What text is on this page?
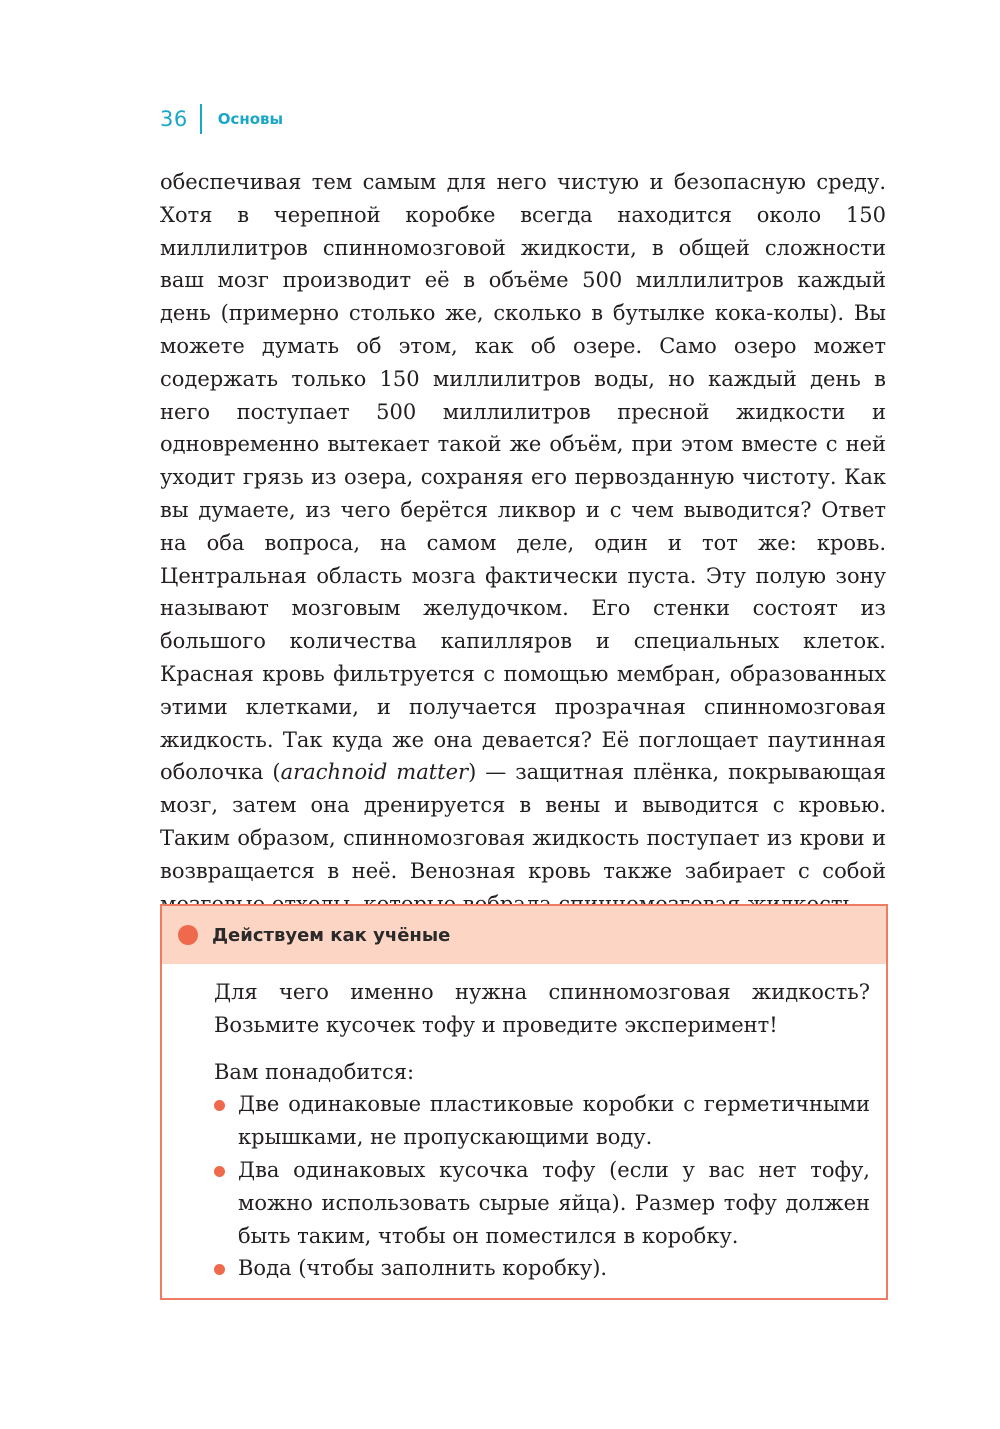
36 Основы

обеспечивая тем самым для него чистую и безопасную среду. Хотя в черепной коробке всегда находится около 150 миллилитров спинномозговой жидкости, в общей сложности ваш мозг производит её в объёме 500 миллилитров каждый день (примерно столько же, сколько в бутылке кока-колы). Вы можете думать об этом, как об озере. Само озеро может содержать только 150 миллилитров воды, но каждый день в него поступает 500 миллилитров пресной жидкости и одновременно вытекает такой же объём, при этом вместе с ней уходит грязь из озера, сохраняя его первозданную чистоту. Как вы думаете, из чего берётся ликвор и с чем выводится? Ответ на оба вопроса, на самом деле, один и тот же: кровь. Центральная область мозга фактически пуста. Эту полую зону называют мозговым желудочком. Его стенки состоят из большого количества капилляров и специальных клеток. Красная кровь фильтруется с помощью мембран, образованных этими клетками, и получается прозрачная спинномозговая жидкость. Так куда же она девается? Её поглощает паутинная оболочка (arachnoid matter) — защитная плёнка, покрывающая мозг, затем она дренируется в вены и выводится с кровью. Таким образом, спинномозговая жидкость поступает из крови и возвращается в неё. Венозная кровь также забирает с собой

Действуем как учёные

Для чего именно нужна спинномозговая жидкость? Возьмите кусочек тофу и проведите эксперимент!

Вам понадобится:

Две одинаковые пластиковые коробки с герметичными крышками, не пропускающими воду.
Два одинаковых кусочка тофу (если у вас нет тофу, можно использовать сырые яйца). Размер тофу должен быть таким, чтобы он поместился в коробку.
Вода (чтобы заполнить коробку).
